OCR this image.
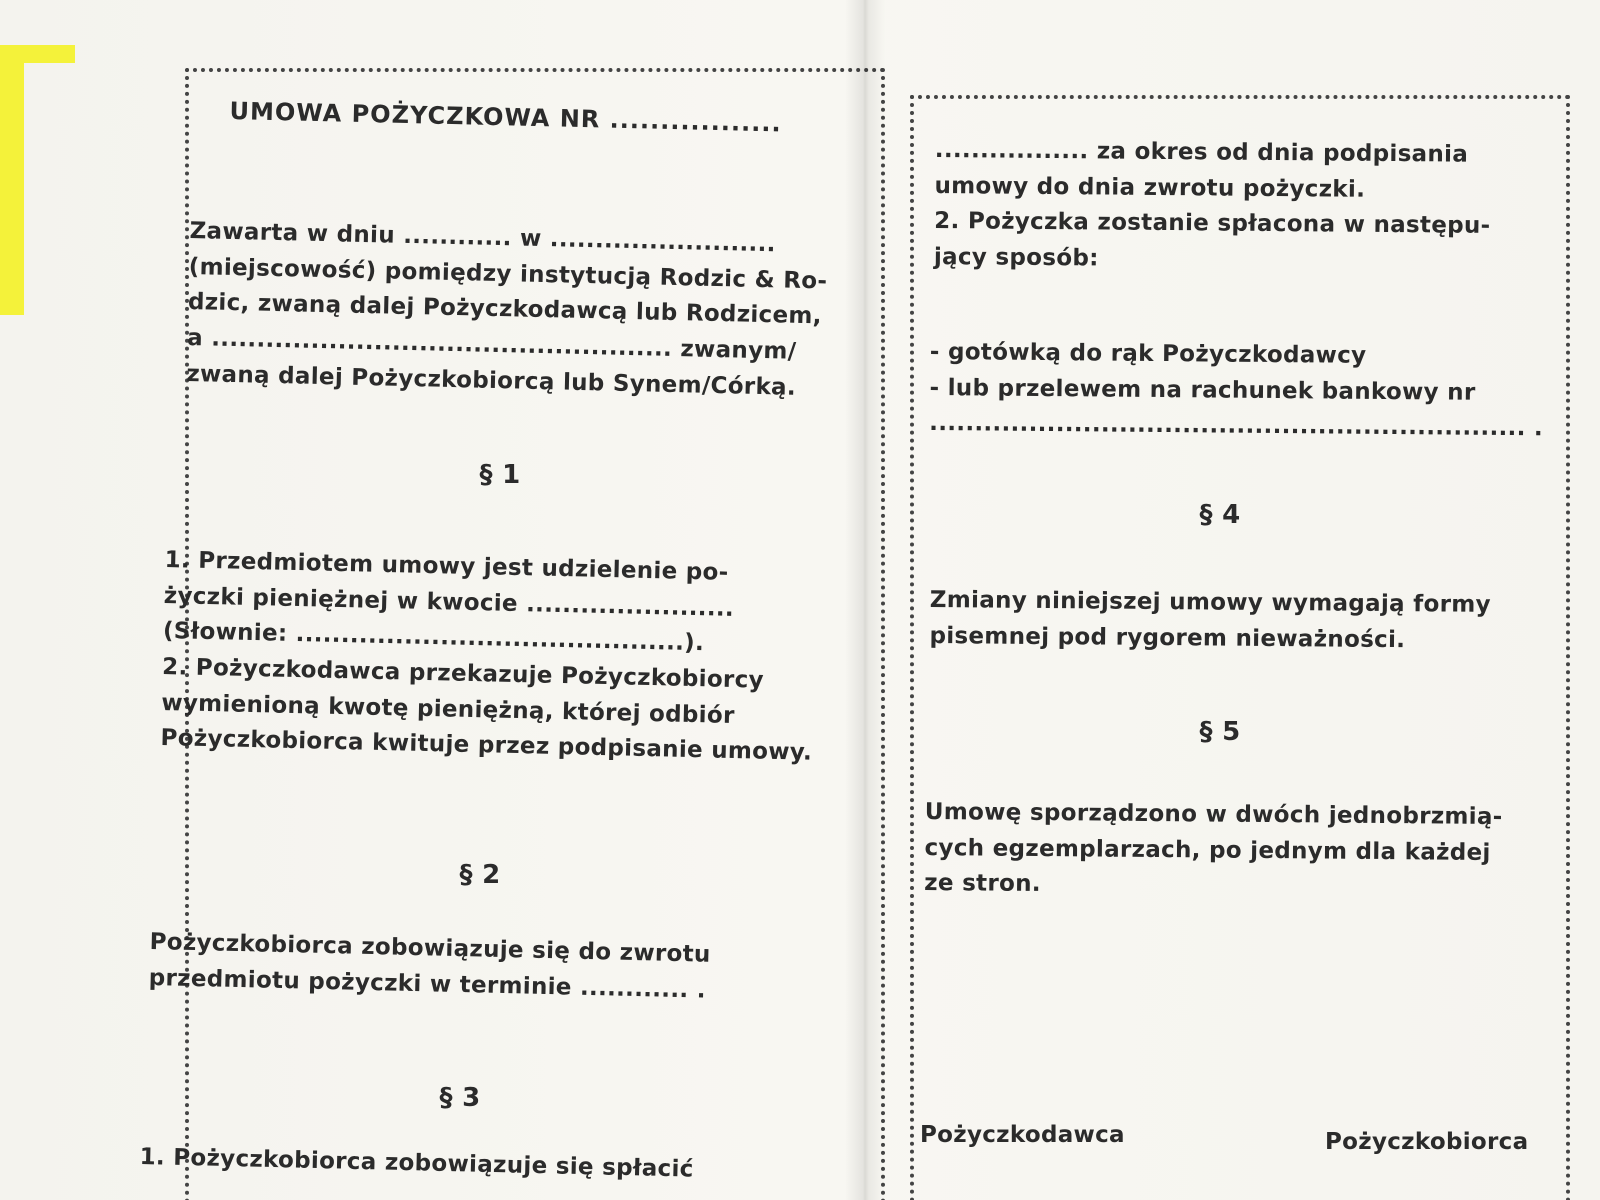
UMOWA POŻYCZKOWA NR .................

Zawarta w dniu ............ w .........................
(miejscowość) pomiędzy instytucją Rodzic & Ro-
dzic, zwaną dalej Pożyczkodawcą lub Rodzicem,
a ................................................... zwanym/
zwaną dalej Pożyczkobiorcą lub Synem/Córką.

§ 1

1. Przedmiotem umowy jest udzielenie po-
życzki pieniężnej w kwocie .......................
(Słownie: ...........................................).
2. Pożyczkodawca przekazuje Pożyczkobiorcy
wymienioną kwotę pieniężną, której odbiór
Pożyczkobiorca kwituje przez podpisanie umowy.

§ 2

Pożyczkobiorca zobowiązuje się do zwrotu
przedmiotu pożyczki w terminie ............ .

§ 3

1. Pożyczkobiorca zobowiązuje się spłacić

................. za okres od dnia podpisania
umowy do dnia zwrotu pożyczki.
2. Pożyczka zostanie spłacona w następu-
jący sposób:

- gotówką do rąk Pożyczkodawcy
- lub przelewem na rachunek bankowy nr
.................................................................. .

§ 4

Zmiany niniejszej umowy wymagają formy
pisemnej pod rygorem nieważności.

§ 5

Umowę sporządzono w dwóch jednobrzmią-
cych egzemplarzach, po jednym dla każdej
ze stron.

Pożyczkodawca	Pożyczkobiorca
